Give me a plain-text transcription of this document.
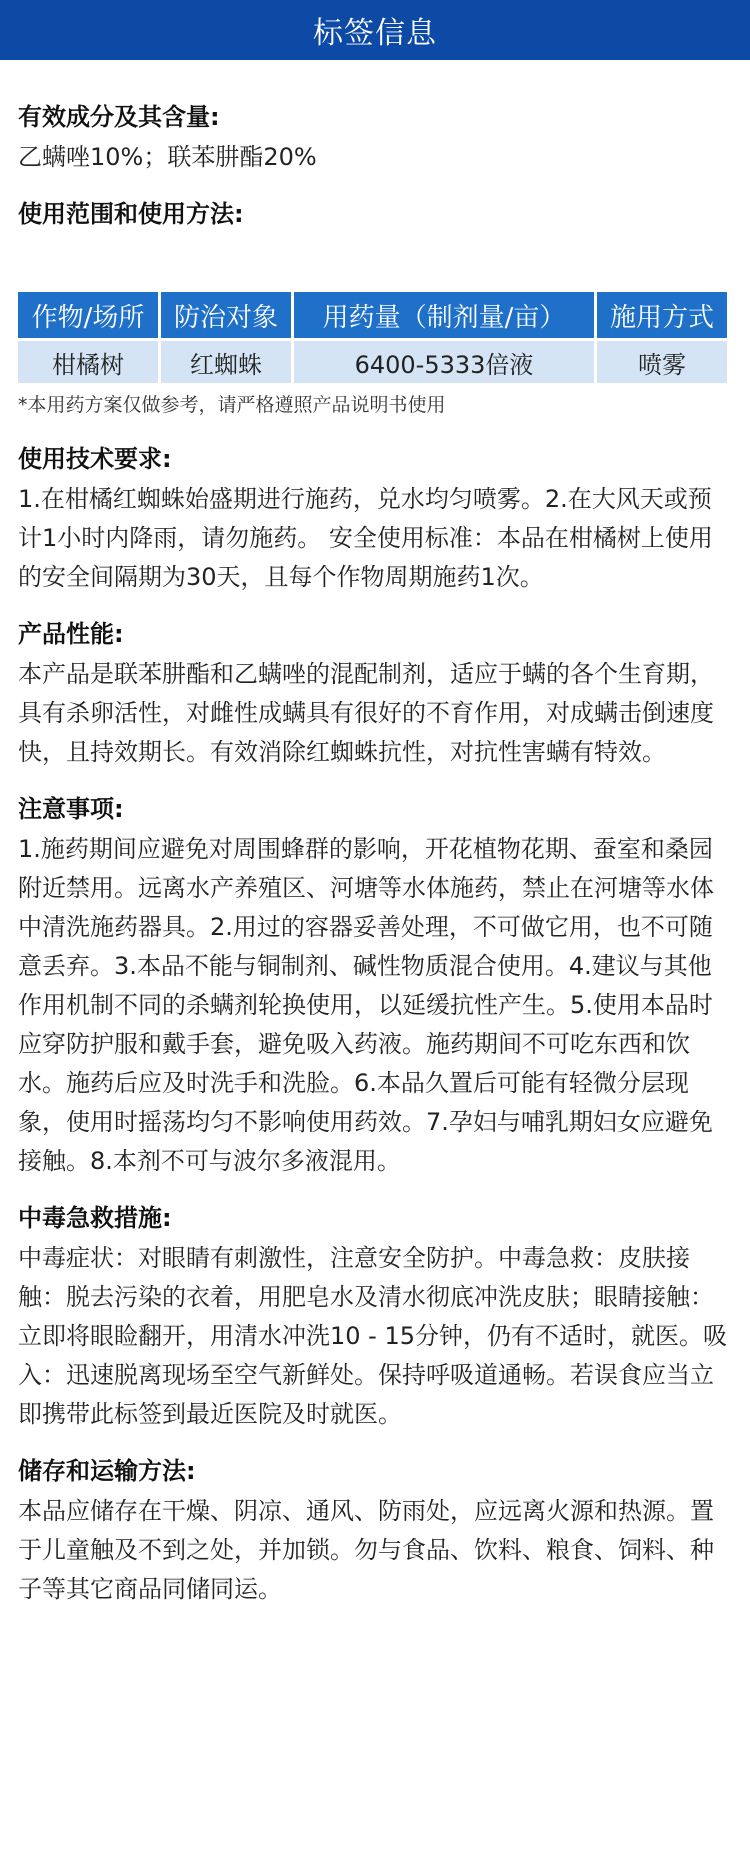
标签信息
有效成分及其含量:
乙螨唑10%；联苯肼酯20%
使用范围和使用方法:
作物/场所	防治对象	用药量（制剂量/亩）	施用方式
柑橘树	红蜘蛛	6400-5333倍液	喷雾
*本用药方案仅做参考，请严格遵照产品说明书使用
使用技术要求:
1.在柑橘红蜘蛛始盛期进行施药，兑水均匀喷雾。2.在大风天或预计1小时内降雨，请勿施药。 安全使用标准：本品在柑橘树上使用的安全间隔期为30天，且每个作物周期施药1次。
产品性能:
本产品是联苯肼酯和乙螨唑的混配制剂，适应于螨的各个生育期，具有杀卵活性，对雌性成螨具有很好的不育作用，对成螨击倒速度快，且持效期长。有效消除红蜘蛛抗性，对抗性害螨有特效。
注意事项:
1.施药期间应避免对周围蜂群的影响，开花植物花期、蚕室和桑园附近禁用。远离水产养殖区、河塘等水体施药，禁止在河塘等水体中清洗施药器具。2.用过的容器妥善处理，不可做它用，也不可随意丢弃。3.本品不能与铜制剂、碱性物质混合使用。4.建议与其他作用机制不同的杀螨剂轮换使用，以延缓抗性产生。5.使用本品时应穿防护服和戴手套，避免吸入药液。施药期间不可吃东西和饮水。施药后应及时洗手和洗脸。6.本品久置后可能有轻微分层现象，使用时摇荡均匀不影响使用药效。7.孕妇与哺乳期妇女应避免接触。8.本剂不可与波尔多液混用。
中毒急救措施:
中毒症状：对眼睛有刺激性，注意安全防护。中毒急救：皮肤接触：脱去污染的衣着，用肥皂水及清水彻底冲洗皮肤；眼睛接触：立即将眼睑翻开，用清水冲洗10 - 15分钟，仍有不适时，就医。吸入：迅速脱离现场至空气新鲜处。保持呼吸道通畅。若误食应当立即携带此标签到最近医院及时就医。
储存和运输方法:
本品应储存在干燥、阴凉、通风、防雨处，应远离火源和热源。置于儿童触及不到之处，并加锁。勿与食品、饮料、粮食、饲料、种子等其它商品同储同运。
